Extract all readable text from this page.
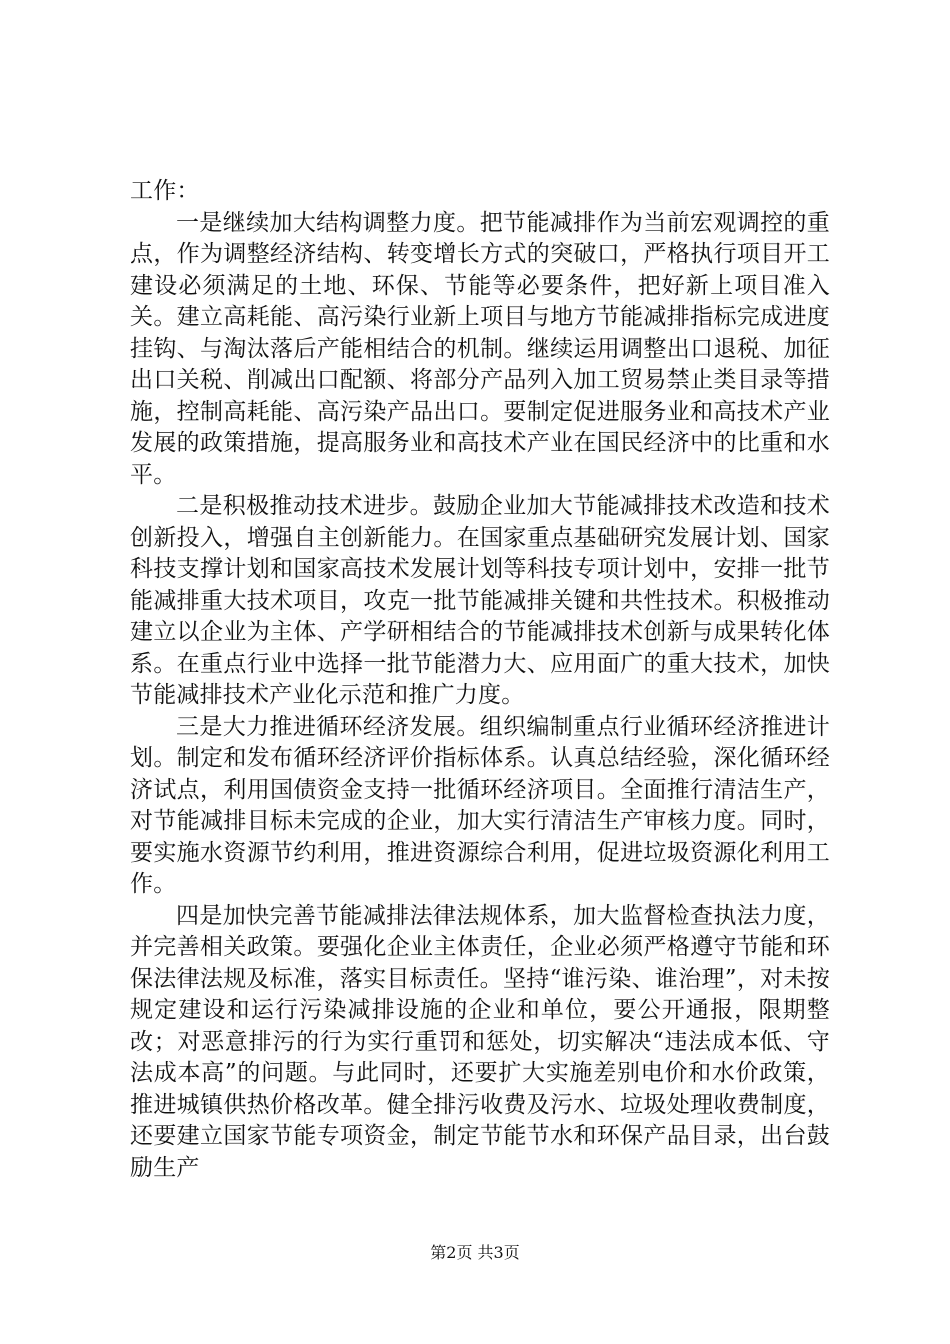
工作：

一是继续加大结构调整力度。把节能减排作为当前宏观调控的重点，作为调整经济结构、转变增长方式的突破口，严格执行项目开工建设必须满足的土地、环保、节能等必要条件，把好新上项目准入关。建立高耗能、高污染行业新上项目与地方节能减排指标完成进度挂钩、与淘汰落后产能相结合的机制。继续运用调整出口退税、加征出口关税、削减出口配额、将部分产品列入加工贸易禁止类目录等措施，控制高耗能、高污染产品出口。要制定促进服务业和高技术产业发展的政策措施，提高服务业和高技术产业在国民经济中的比重和水平。

二是积极推动技术进步。鼓励企业加大节能减排技术改造和技术创新投入，增强自主创新能力。在国家重点基础研究发展计划、国家科技支撑计划和国家高技术发展计划等科技专项计划中，安排一批节能减排重大技术项目，攻克一批节能减排关键和共性技术。积极推动建立以企业为主体、产学研相结合的节能减排技术创新与成果转化体系。在重点行业中选择一批节能潜力大、应用面广的重大技术，加快节能减排技术产业化示范和推广力度。

三是大力推进循环经济发展。组织编制重点行业循环经济推进计划。制定和发布循环经济评价指标体系。认真总结经验，深化循环经济试点，利用国债资金支持一批循环经济项目。全面推行清洁生产，对节能减排目标未完成的企业，加大实行清洁生产审核力度。同时，要实施水资源节约利用，推进资源综合利用，促进垃圾资源化利用工作。

四是加快完善节能减排法律法规体系，加大监督检查执法力度，并完善相关政策。要强化企业主体责任，企业必须严格遵守节能和环保法律法规及标准，落实目标责任。坚持“谁污染、谁治理”，对未按规定建设和运行污染减排设施的企业和单位，要公开通报，限期整改；对恶意排污的行为实行重罚和惩处，切实解决“违法成本低、守法成本高”的问题。与此同时，还要扩大实施差别电价和水价政策，推进城镇供热价格改革。健全排污收费及污水、垃圾处理收费制度，还要建立国家节能专项资金，制定节能节水和环保产品目录，出台鼓励生产

第2页 共3页
